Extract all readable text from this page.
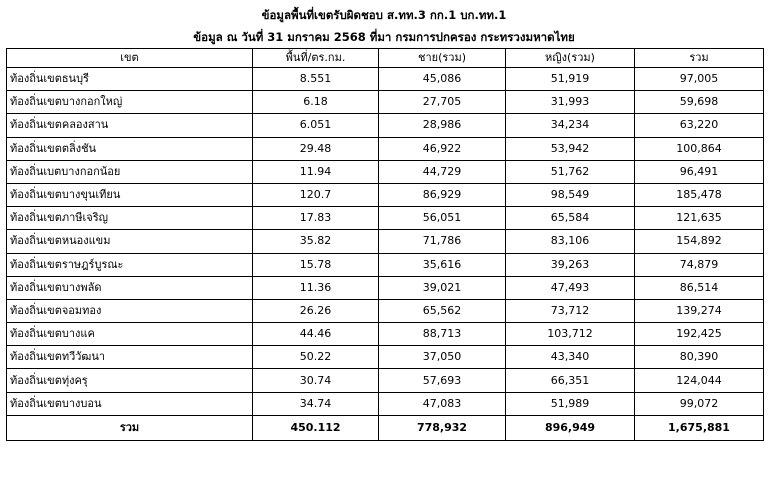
ข้อมูลพื้นที่เขตรับผิดชอบ ส.ทท.3 กก.1 บก.ทท.1
ข้อมูล ณ วันที่ 31 มกราคม 2568 ที่มา กรมการปกครอง กระทรวงมหาดไทย
เขต	พื้นที่/ตร.กม.	ชาย(รวม)	หญิง(รวม)	รวม
ท้องถิ่นเขตธนบุรี	8.551	45,086	51,919	97,005
ท้องถิ่นเขตบางกอกใหญ่	6.18	27,705	31,993	59,698
ท้องถิ่นเขตคลองสาน	6.051	28,986	34,234	63,220
ท้องถิ่นเขตตลิ่งชัน	29.48	46,922	53,942	100,864
ท้องถิ่นเบตบางกอกน้อย	11.94	44,729	51,762	96,491
ท้องถิ่นเขตบางขุนเทียน	120.7	86,929	98,549	185,478
ท้องถิ่นเขตภาษีเจริญ	17.83	56,051	65,584	121,635
ท้องถิ่นเขตหนองแขม	35.82	71,786	83,106	154,892
ท้องถิ่นเขตราษฎร์บูรณะ	15.78	35,616	39,263	74,879
ท้องถิ่นเขตบางพลัด	11.36	39,021	47,493	86,514
ท้องถิ่นเขตจอมทอง	26.26	65,562	73,712	139,274
ท้องถิ่นเขตบางแค	44.46	88,713	103,712	192,425
ท้องถิ่นเขตทวีวัฒนา	50.22	37,050	43,340	80,390
ท้องถิ่นเขตทุ่งครุ	30.74	57,693	66,351	124,044
ท้องถิ่นเขตบางบอน	34.74	47,083	51,989	99,072
รวม	450.112	778,932	896,949	1,675,881
